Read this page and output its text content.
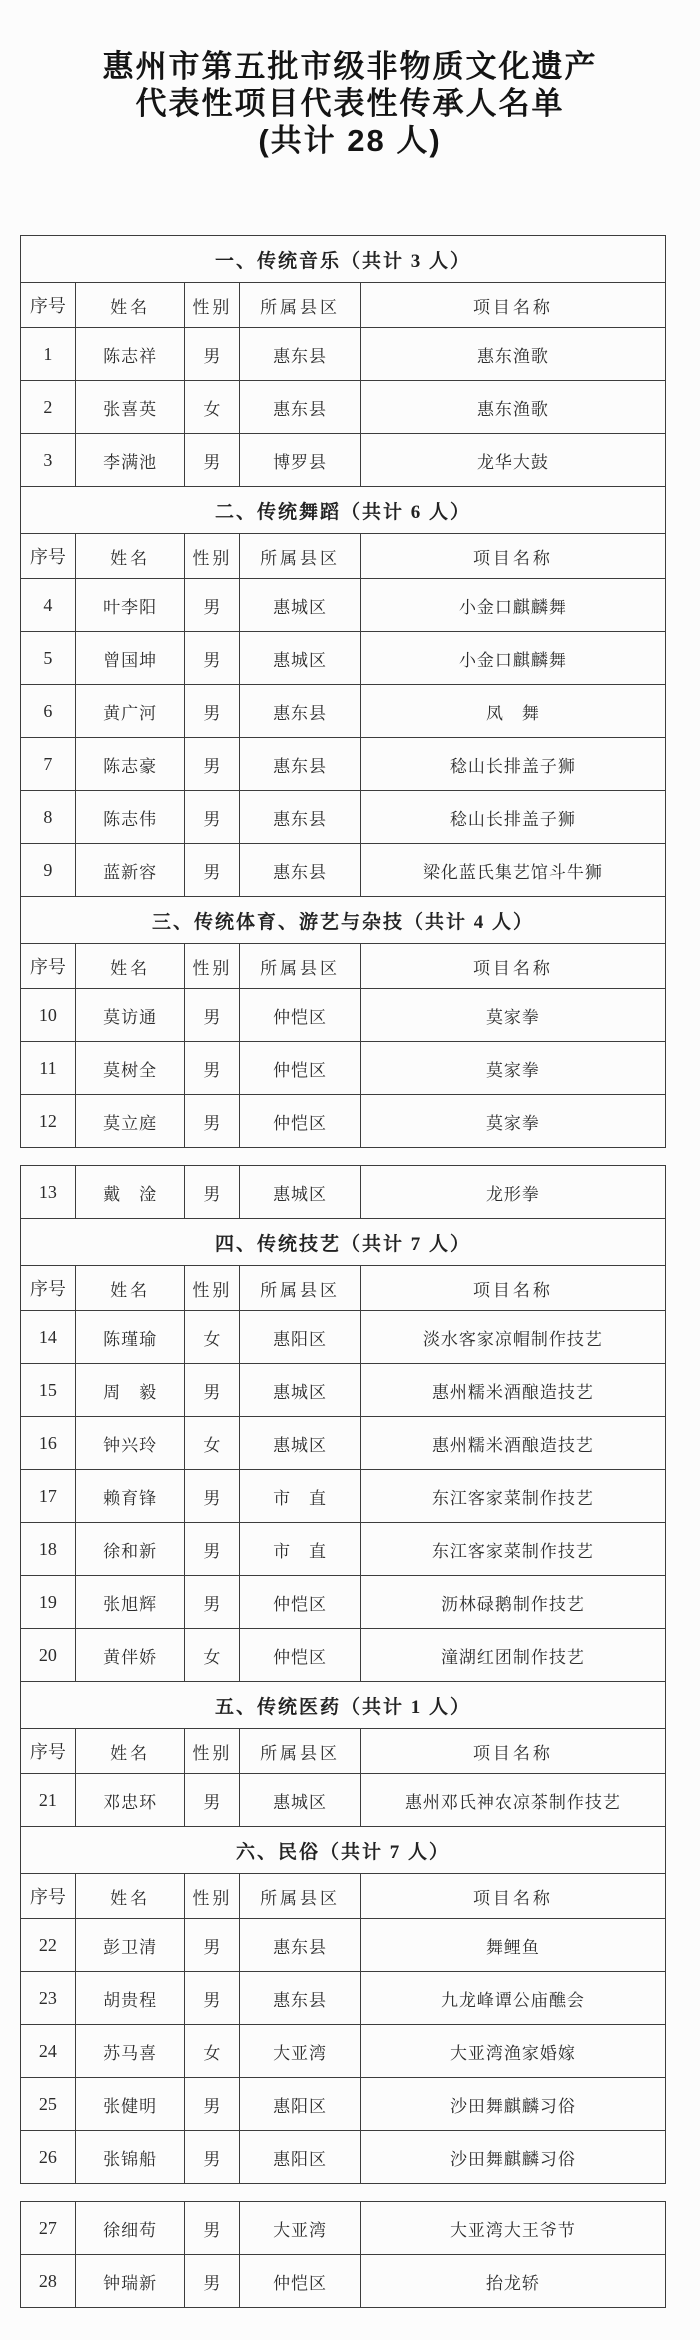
惠州市第五批市级非物质文化遗产
代表性项目代表性传承人名单
(共计 28 人)
一、传统音乐（共计 3 人）				
序号	姓名	性别	所属县区	项目名称
1	陈志祥	男	惠东县	惠东渔歌
2	张喜英	女	惠东县	惠东渔歌
3	李满池	男	博罗县	龙华大鼓
二、传统舞蹈（共计 6 人）				
序号	姓名	性别	所属县区	项目名称
4	叶李阳	男	惠城区	小金口麒麟舞
5	曾国坤	男	惠城区	小金口麒麟舞
6	黄广河	男	惠东县	凤　舞
7	陈志豪	男	惠东县	稔山长排盖子狮
8	陈志伟	男	惠东县	稔山长排盖子狮
9	蓝新容	男	惠东县	梁化蓝氏集艺馆斗牛狮
三、传统体育、游艺与杂技（共计 4 人）				
序号	姓名	性别	所属县区	项目名称
10	莫访通	男	仲恺区	莫家拳
11	莫树全	男	仲恺区	莫家拳
12	莫立庭	男	仲恺区	莫家拳
13	戴　淦	男	惠城区	龙形拳
四、传统技艺（共计 7 人）				
序号	姓名	性别	所属县区	项目名称
14	陈瑾瑜	女	惠阳区	淡水客家凉帽制作技艺
15	周　毅	男	惠城区	惠州糯米酒酿造技艺
16	钟兴玲	女	惠城区	惠州糯米酒酿造技艺
17	赖育锋	男	市　直	东江客家菜制作技艺
18	徐和新	男	市　直	东江客家菜制作技艺
19	张旭辉	男	仲恺区	沥林碌鹅制作技艺
20	黄伴娇	女	仲恺区	潼湖红团制作技艺
五、传统医药（共计 1 人）				
序号	姓名	性别	所属县区	项目名称
21	邓忠环	男	惠城区	惠州邓氏神农凉茶制作技艺
六、民俗（共计 7 人）				
序号	姓名	性别	所属县区	项目名称
22	彭卫清	男	惠东县	舞鲤鱼
23	胡贵程	男	惠东县	九龙峰谭公庙醮会
24	苏马喜	女	大亚湾	大亚湾渔家婚嫁
25	张健明	男	惠阳区	沙田舞麒麟习俗
26	张锦船	男	惠阳区	沙田舞麒麟习俗
27	徐细苟	男	大亚湾	大亚湾大王爷节
28	钟瑞新	男	仲恺区	抬龙轿
